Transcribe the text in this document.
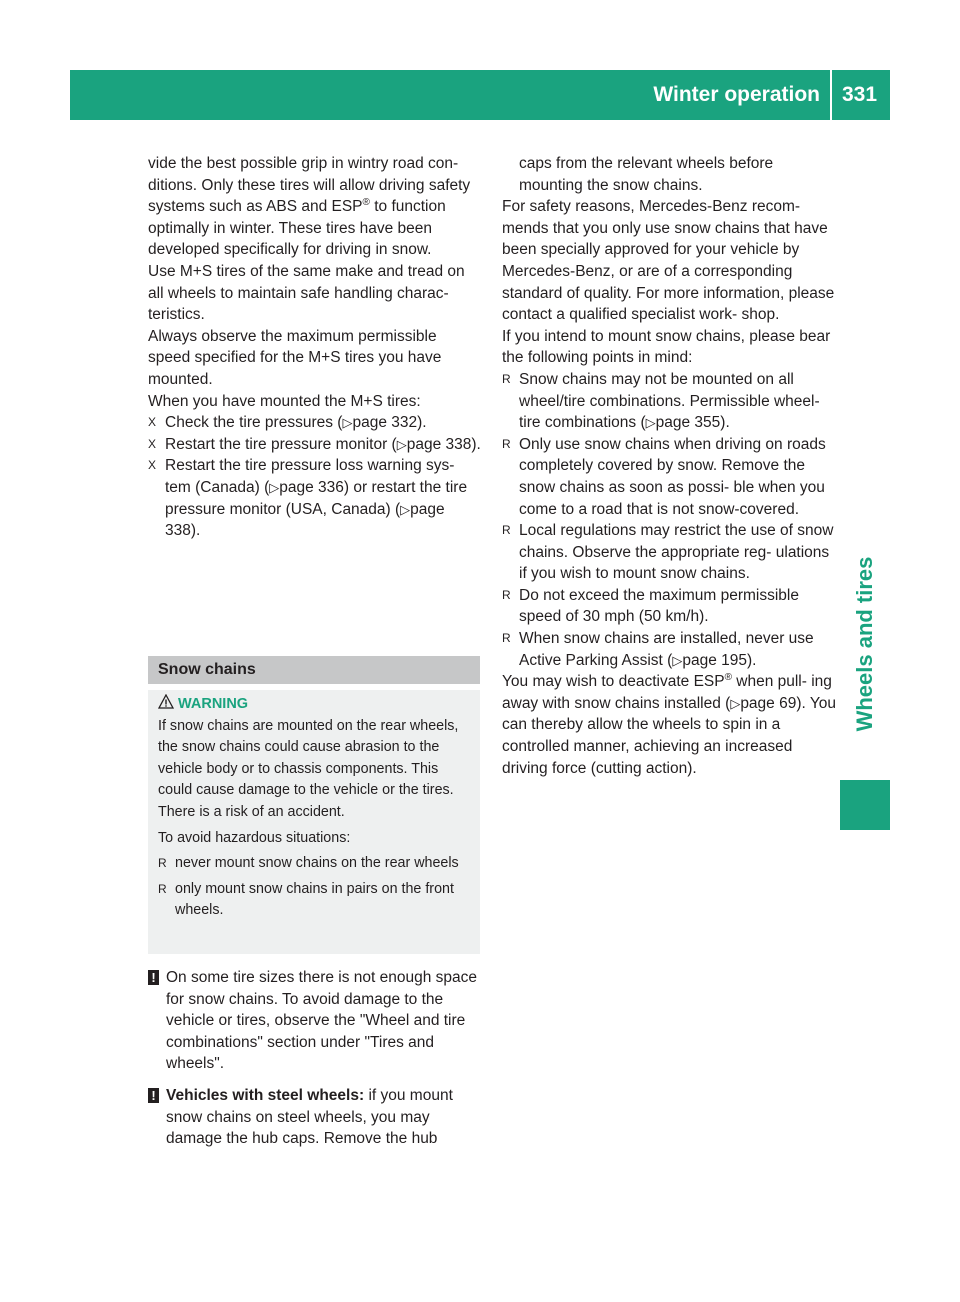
Winter operation 331
Wheels and tires

vide the best possible grip in wintry road con- ditions. Only these tires will allow driving safety systems such as ABS and ESP® to function optimally in winter. These tires have been developed specifically for driving in snow.

Use M+S tires of the same make and tread on all wheels to maintain safe handling charac- teristics.

Always observe the maximum permissible speed specified for the M+S tires you have mounted.

When you have mounted the M+S tires:

X Check the tire pressures (▷page 332).
X Restart the tire pressure monitor (▷page 338).
X Restart the tire pressure loss warning sys- tem (Canada) (▷page 336) or restart the tire pressure monitor (USA, Canada) (▷page 338).
Snow chains
WARNING

If snow chains are mounted on the rear wheels, the snow chains could cause abrasion to the vehicle body or to chassis components. This could cause damage to the vehicle or the tires. There is a risk of an accident.

To avoid hazardous situations:

R never mount snow chains on the rear wheels
R only mount snow chains in pairs on the front wheels.
! On some tire sizes there is not enough space for snow chains. To avoid damage to the vehicle or tires, observe the "Wheel and tire combinations" section under "Tires and wheels".
! Vehicles with steel wheels: if you mount snow chains on steel wheels, you may damage the hub caps. Remove the hub

caps from the relevant wheels before mounting the snow chains.

For safety reasons, Mercedes-Benz recom- mends that you only use snow chains that have been specially approved for your vehicle by Mercedes-Benz, or are of a corresponding standard of quality. For more information, please contact a qualified specialist work- shop.

If you intend to mount snow chains, please bear the following points in mind:

R Snow chains may not be mounted on all wheel/tire combinations. Permissible wheel-tire combinations (▷page 355).
R Only use snow chains when driving on roads completely covered by snow. Remove the snow chains as soon as possi- ble when you come to a road that is not snow-covered.
R Local regulations may restrict the use of snow chains. Observe the appropriate reg- ulations if you wish to mount snow chains.
R Do not exceed the maximum permissible speed of 30 mph (50 km/h).
R When snow chains are installed, never use Active Parking Assist (▷page 195).

You may wish to deactivate ESP® when pull- ing away with snow chains installed (▷page 69). You can thereby allow the wheels to spin in a controlled manner, achieving an increased driving force (cutting action).
